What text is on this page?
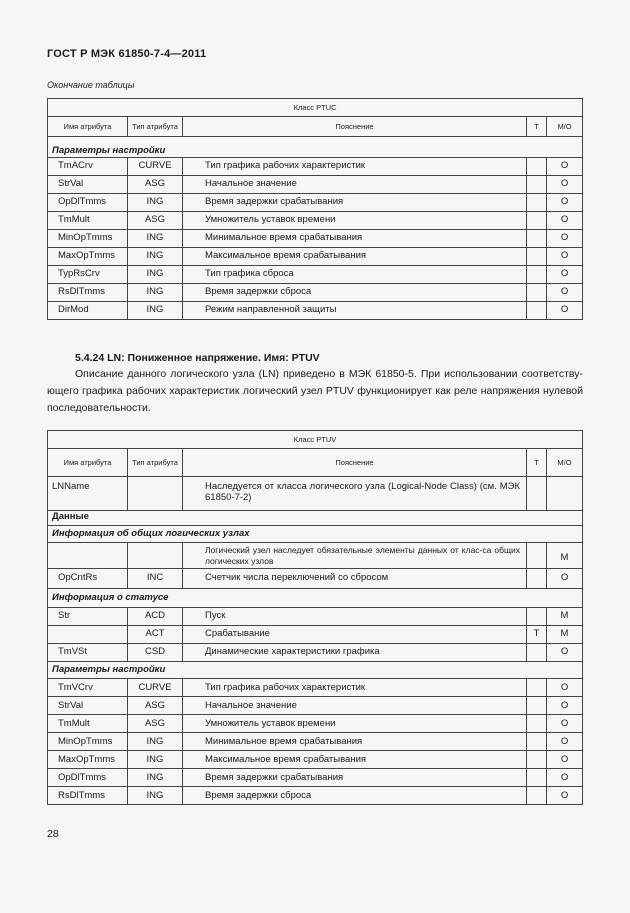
ГОСТ Р МЭК 61850-7-4—2011
Окончание таблицы
Класс PTUC				
Имя атрибута	Тип атрибута	Пояснение	Т	М/О
Параметры настройки				
TmACrv	CURVE	Тип графика рабочих характеристик		O
StrVal	ASG	Начальное значение		O
OpDlTmms	ING	Время задержки срабатывания		O
TmMult	ASG	Умножитель уставок времени		O
MinOpTmms	ING	Минимальное время срабатывания		O
MaxOpTmms	ING	Максимальное время срабатывания		O
TypRsCrv	ING	Тип графика сброса		O
RsDlTmms	ING	Время задержки сброса		O
DirMod	ING	Режим направленной защиты		O
5.4.24 LN: Пониженное напряжение. Имя: PTUV
Описание данного логического узла (LN) приведено в МЭК 61850-5. При использовании соответству-ющего графика рабочих характеристик логический узел PTUV функционирует как реле напряжения нулевой последовательности.
Класс PTUV				
Имя атрибута	Тип атрибута	Пояснение	Т	М/О
LNName		Наследуется от класса логического узла (Logical-Node Class) (см. МЭК 61850-7-2)		
Данные				
Информация об общих логических узлах				
		Логический узел наследует обязательные элементы данных от клас-са общих логических узлов		M
OpCntRs	INC	Счетчик числа переключений со сбросом		O
Информация о статусе				
Str	ACD	Пуск		M
	ACT	Срабатывание	T	M
TmVSt	CSD	Динамические характеристики графика		O
Параметры настройки				
TmVCrv	CURVE	Тип графика рабочих характеристик		O
StrVal	ASG	Начальное значение		O
TmMult	ASG	Умножитель уставок времени		O
MinOpTmms	ING	Минимальное время срабатывания		O
MaxOpTmms	ING	Максимальное время срабатывания		O
OpDlTmms	ING	Время задержки срабатывания		O
RsDlTmms	ING	Время задержки сброса		O
28
